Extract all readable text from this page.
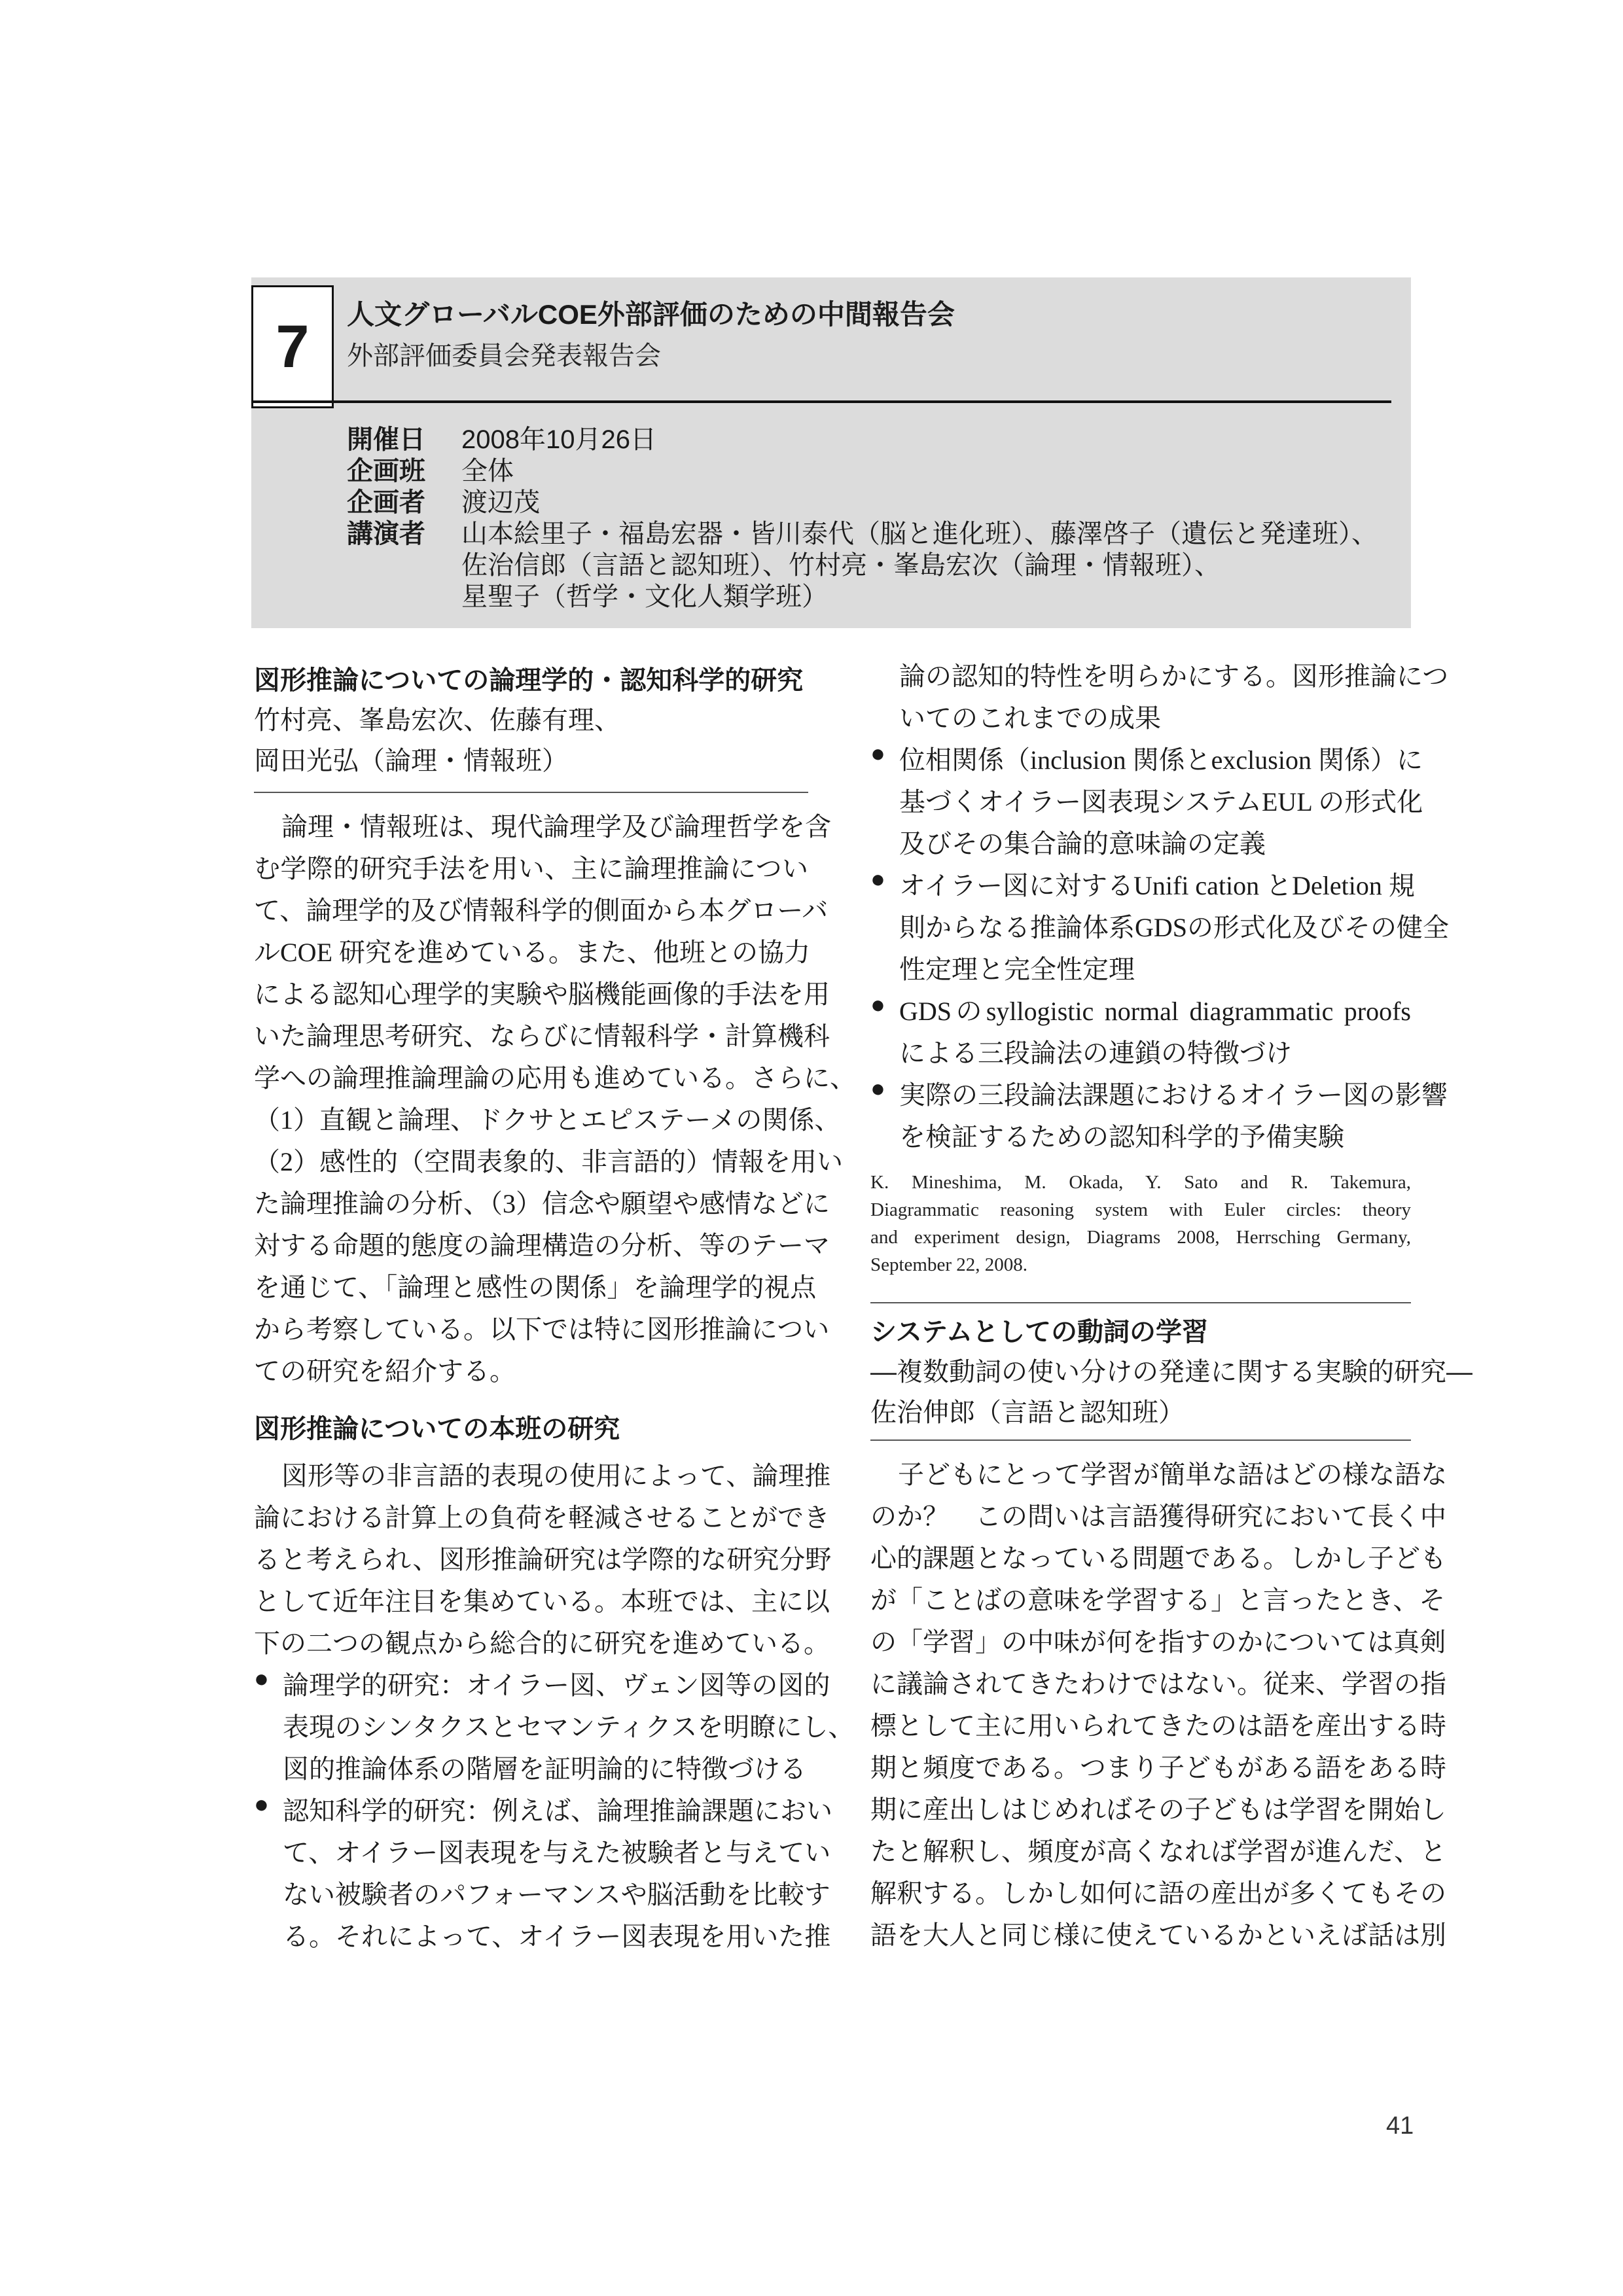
7	人文グローバルCOE外部評価のための中間報告会
外部評価委員会発表報告会
開催日	2008年10月26日
企画班	全体
企画者	渡辺茂
講演者	山本絵里子・福島宏器・皆川泰代（脳と進化班）、藤澤啓子（遺伝と発達班）、
佐治信郎（言語と認知班）、竹村亮・峯島宏次（論理・情報班）、
星聖子（哲学・文化人類学班）
図形推論についての論理学的・認知科学的研究
竹村亮、峯島宏次、佐藤有理、
岡田光弘（論理・情報班）
論理・情報班は、現代論理学及び論理哲学を含
む学際的研究手法を用い、主に論理推論につい
て、論理学的及び情報科学的側面から本グローバ
ルCOE 研究を進めている。また、他班との協力
による認知心理学的実験や脳機能画像的手法を用
いた論理思考研究、ならびに情報科学・計算機科
学への論理推論理論の応用も進めている。さらに、
（1）直観と論理、ドクサとエピステーメの関係、
（2）感性的（空間表象的、非言語的）情報を用い
た論理推論の分析、（3）信念や願望や感情などに
対する命題的態度の論理構造の分析、等のテーマ
を通じて、「論理と感性の関係」を論理学的視点
から考察している。以下では特に図形推論につい
ての研究を紹介する。
図形推論についての本班の研究
図形等の非言語的表現の使用によって、論理推
論における計算上の負荷を軽減させることができ
ると考えられ、図形推論研究は学際的な研究分野
として近年注目を集めている。本班では、主に以
下の二つの観点から総合的に研究を進めている。
● 論理学的研究：オイラー図、ヴェン図等の図的
表現のシンタクスとセマンティクスを明瞭にし、
図的推論体系の階層を証明論的に特徴づける
● 認知科学的研究：例えば、論理推論課題におい
て、オイラー図表現を与えた被験者と与えてい
ない被験者のパフォーマンスや脳活動を比較す
る。それによって、オイラー図表現を用いた推
論の認知的特性を明らかにする。図形推論につ
いてのこれまでの成果
● 位相関係（inclusion 関係とexclusion 関係）に
基づくオイラー図表現システムEUL の形式化
及びその集合論的意味論の定義
● オイラー図に対するUnifi cation とDeletion 規
則からなる推論体系GDSの形式化及びその健全
性定理と完全性定理
● GDSのsyllogistic normal diagrammatic proofs
による三段論法の連鎖の特徴づけ
● 実際の三段論法課題におけるオイラー図の影響
を検証するための認知科学的予備実験
K. Mineshima, M. Okada, Y. Sato and R. Takemura,
Diagrammatic reasoning system with Euler circles: theory
and experiment design, Diagrams 2008, Herrsching Germany,
September 22, 2008.
システムとしての動詞の学習
―複数動詞の使い分けの発達に関する実験的研究―
佐治伸郎（言語と認知班）
子どもにとって学習が簡単な語はどの様な語な
のか？　この問いは言語獲得研究において長く中
心的課題となっている問題である。しかし子ども
が「ことばの意味を学習する」と言ったとき、そ
の「学習」の中味が何を指すのかについては真剣
に議論されてきたわけではない。従来、学習の指
標として主に用いられてきたのは語を産出する時
期と頻度である。つまり子どもがある語をある時
期に産出しはじめればその子どもは学習を開始し
たと解釈し、頻度が高くなれば学習が進んだ、と
解釈する。しかし如何に語の産出が多くてもその
語を大人と同じ様に使えているかといえば話は別
41
